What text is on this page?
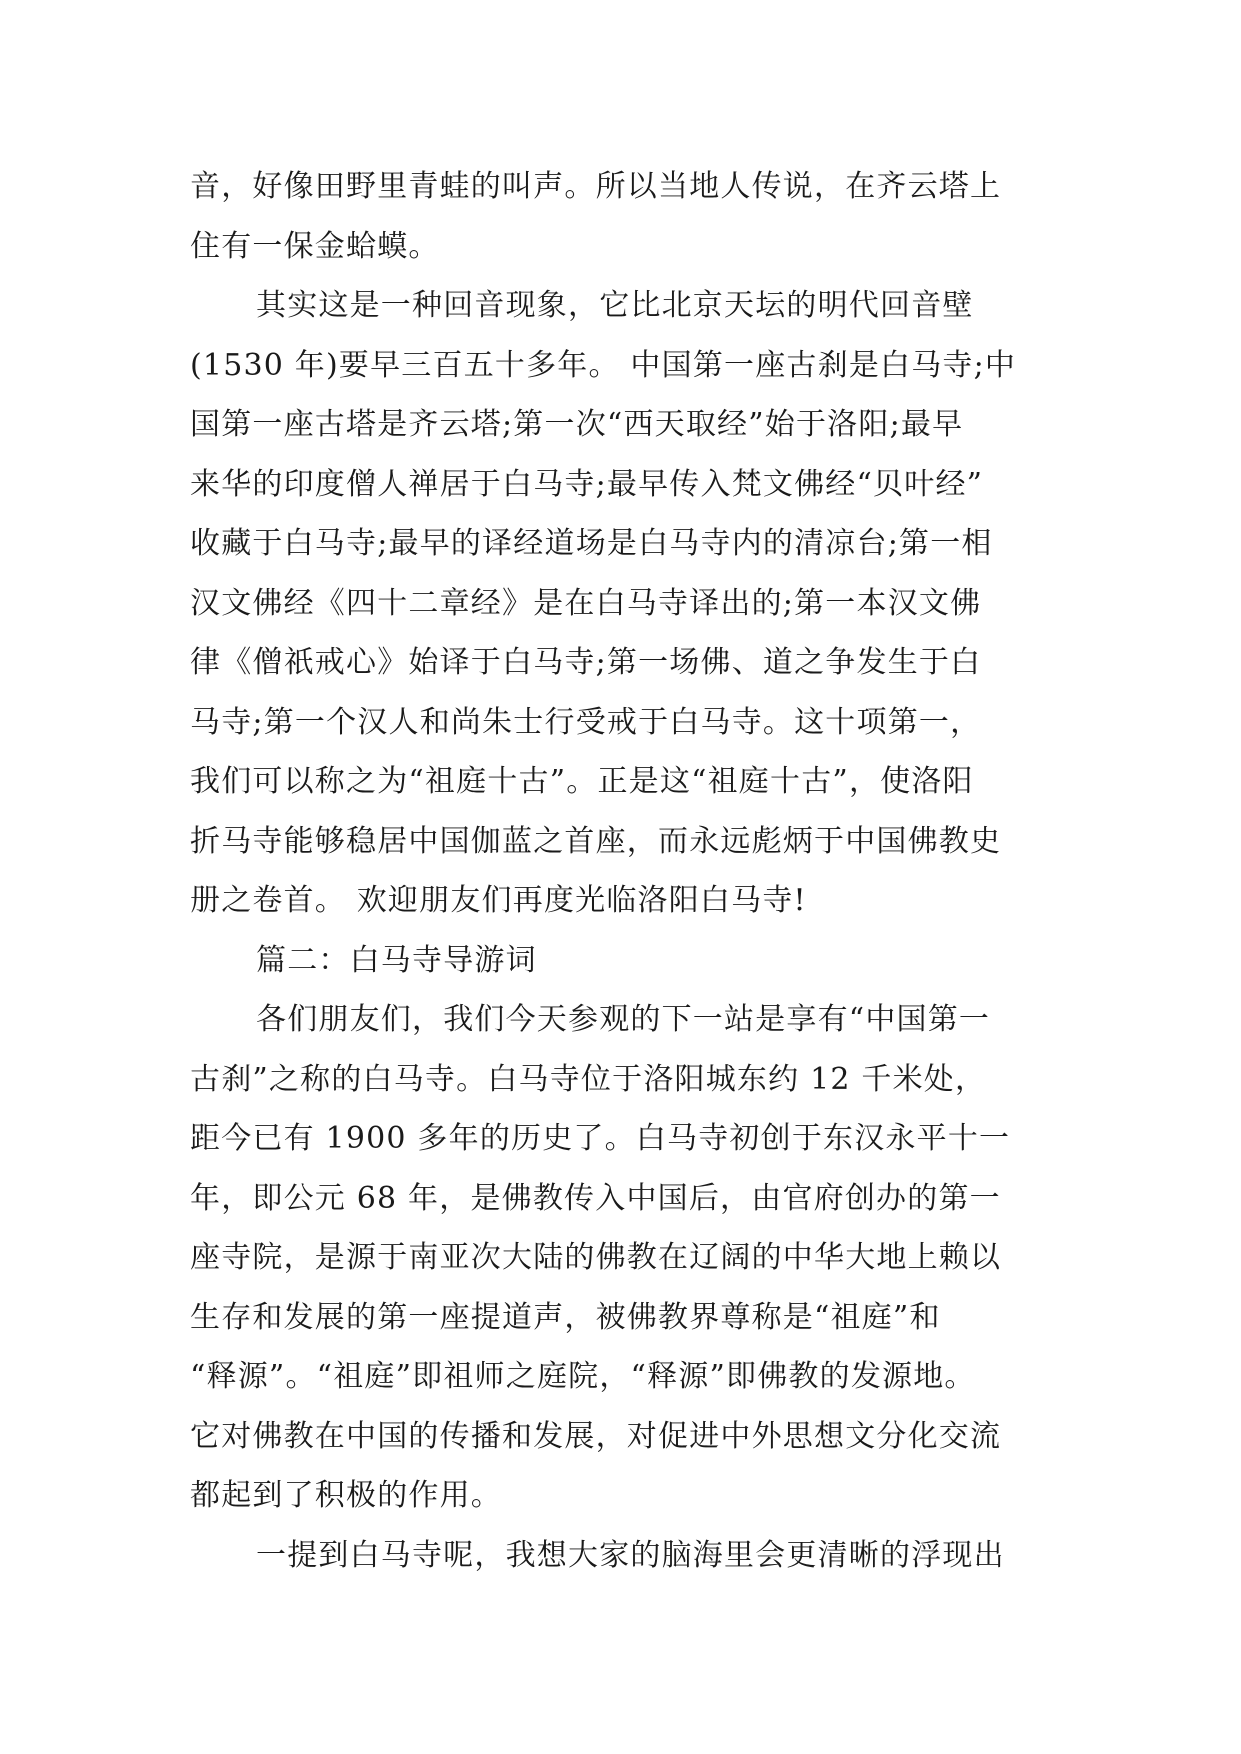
音，好像田野里青蛙的叫声。所以当地人传说，在齐云塔上
住有一保金蛤蟆。
其实这是一种回音现象，它比北京天坛的明代回音壁
(1530 年)要早三百五十多年。 中国第一座古刹是白马寺;中
国第一座古塔是齐云塔;第一次“西天取经”始于洛阳;最早
来华的印度僧人禅居于白马寺;最早传入梵文佛经“贝叶经”
收藏于白马寺;最早的译经道场是白马寺内的清凉台;第一相
汉文佛经《四十二章经》是在白马寺译出的;第一本汉文佛
律《僧祇戒心》始译于白马寺;第一场佛、道之争发生于白
马寺;第一个汉人和尚朱士行受戒于白马寺。这十项第一，
我们可以称之为“祖庭十古”。正是这“祖庭十古”，使洛阳
折马寺能够稳居中国伽蓝之首座，而永远彪炳于中国佛教史
册之卷首。 欢迎朋友们再度光临洛阳白马寺!
篇二：白马寺导游词
各们朋友们，我们今天参观的下一站是享有“中国第一
古刹”之称的白马寺。白马寺位于洛阳城东约 12 千米处，
距今已有 1900 多年的历史了。白马寺初创于东汉永平十一
年，即公元 68 年，是佛教传入中国后，由官府创办的第一
座寺院，是源于南亚次大陆的佛教在辽阔的中华大地上赖以
生存和发展的第一座提道声，被佛教界尊称是“祖庭”和
“释源”。“祖庭”即祖师之庭院，“释源”即佛教的发源地。
它对佛教在中国的传播和发展，对促进中外思想文分化交流
都起到了积极的作用。
一提到白马寺呢，我想大家的脑海里会更清晰的浮现出
